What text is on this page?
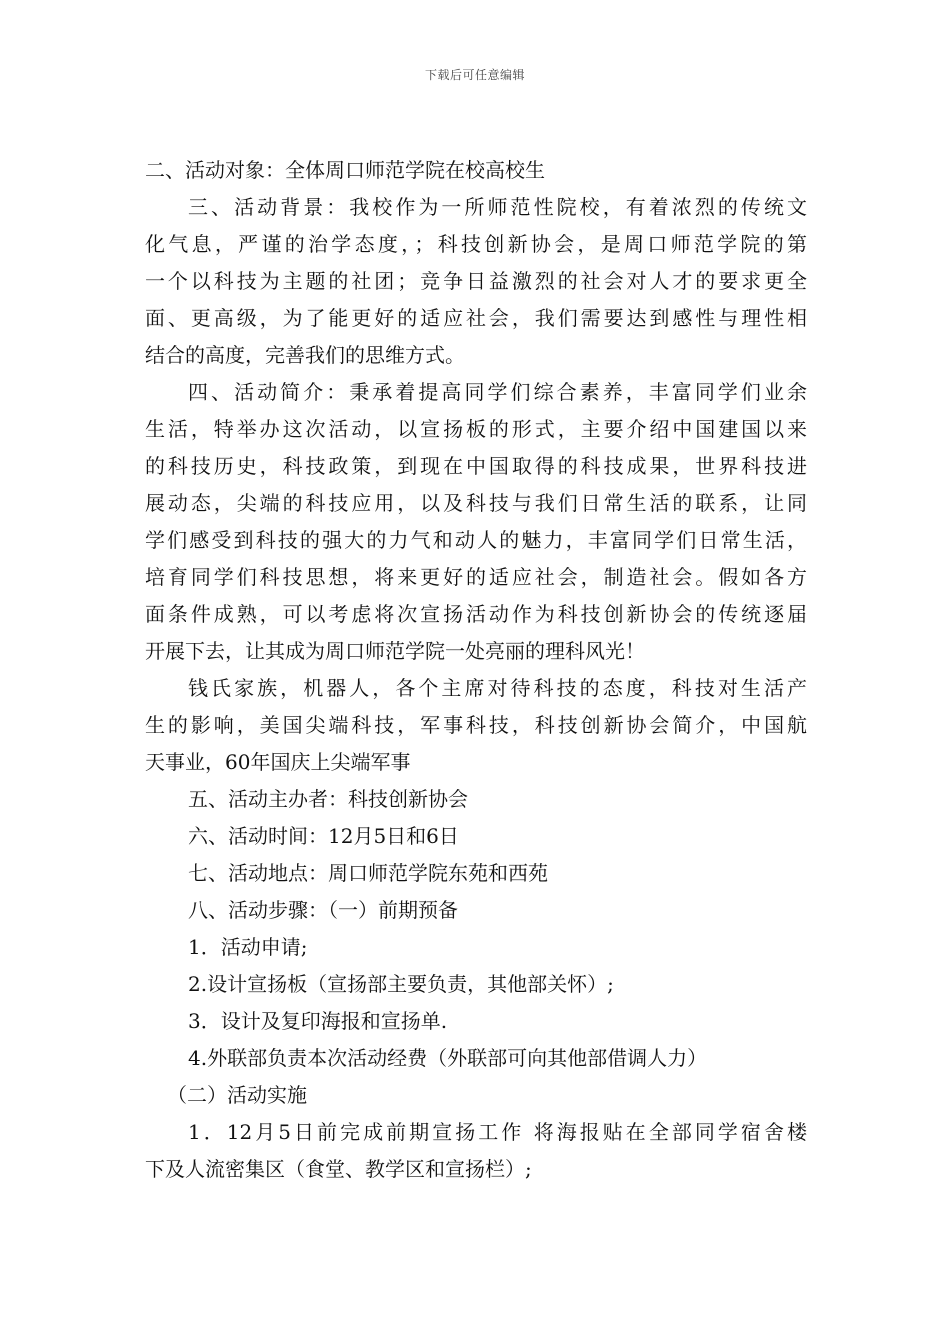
下载后可任意编辑
二、活动对象：全体周口师范学院在校高校生
三、活动背景：我校作为一所师范性院校，有着浓烈的传统文
化气息，严谨的治学态度，；科技创新协会，是周口师范学院的第
一个以科技为主题的社团；竞争日益激烈的社会对人才的要求更全
面、更高级，为了能更好的适应社会，我们需要达到感性与理性相
结合的高度，完善我们的思维方式。
四、活动简介：秉承着提高同学们综合素养，丰富同学们业余
生活，特举办这次活动，以宣扬板的形式，主要介绍中国建国以来
的科技历史，科技政策，到现在中国取得的科技成果，世界科技进
展动态，尖端的科技应用，以及科技与我们日常生活的联系，让同
学们感受到科技的强大的力气和动人的魅力，丰富同学们日常生活，
培育同学们科技思想，将来更好的适应社会，制造社会。假如各方
面条件成熟，可以考虑将次宣扬活动作为科技创新协会的传统逐届
开展下去，让其成为周口师范学院一处亮丽的理科风光！
钱氏家族，机器人，各个主席对待科技的态度，科技对生活产
生的影响，美国尖端科技，军事科技，科技创新协会简介，中国航
天事业，60年国庆上尖端军事
五、活动主办者：科技创新协会
六、活动时间：12月5日和6日
七、活动地点：周口师范学院东苑和西苑
八、活动步骤：（一）前期预备
1．活动申请;
2.设计宣扬板（宣扬部主要负责，其他部关怀）;
3．设计及复印海报和宣扬单.
4.外联部负责本次活动经费（外联部可向其他部借调人力）
（二）活动实施
1．12月5日前完成前期宣扬工作 将海报贴在全部同学宿舍楼
下及人流密集区（食堂、教学区和宣扬栏）;
